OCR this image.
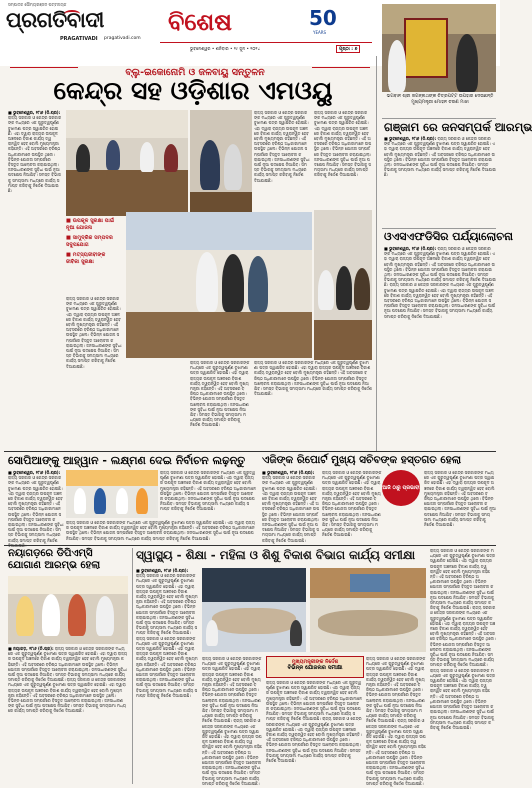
ସମ୍ପାଦକ ସୌମ୍ୟରଞ୍ଜନ ପଟ୍ଟନାୟକ
ପ୍ରଗତିବାଦୀ
PRAGATIVADI pragativadi.com
ବିଶେଷ	50
YEARS
ଭୁବନେଶ୍ୱର • ଶନିବାର • ୨୯ ଜୁନ • ୨୦୨୪	ପୃଷ୍ଠା : ୭
ବ୍ଲୁ-ଇକୋନୋମି ଓ ଜଳବାୟୁ ସନ୍ତୁଳନ
କେନ୍ଦ୍ର ସହ ଓଡ଼ିଶାର ଏମଓୟୁ
■ ଭୁବନେଶ୍ୱର, ୨୮ା୬ (ନି.ପ୍ର):
ରାଜ୍ୟ ସରକାର ଓ କେନ୍ଦ୍ର ସରକାରଙ୍କ ମଧ୍ୟରେ ଏକ ଗୁରୁତ୍ୱପୂର୍ଣ୍ଣ ବୁଝାମଣା ପତ୍ର ସ୍ୱାକ୍ଷରିତ ହୋଇଛି। ଏହା ଦ୍ୱାରା ରାଜ୍ୟର ଉପକୂଳ ଅଞ୍ଚଳରେ ବିକାଶ କାର୍ଯ୍ୟ ତ୍ୱରାନ୍ୱିତ ହେବ ବୋଲି ମୁଖ୍ୟମନ୍ତ୍ରୀ କହିଛନ୍ତି। ଏହି ଅବସରରେ ବରିଷ୍ଠ ଅଧିକାରୀମାନେ ଉପସ୍ଥିତ ଥିଲେ। ବିଭିନ୍ନ ଯୋଜନା ସମ୍ପର୍କରେ ବିସ୍ତୃତ ଆଲୋଚନା କରାଯାଇଥିଲା। ଜନସାଧାରଣଙ୍କ ସୁବିଧା ପାଇଁ ନୂଆ ପଦକ୍ଷେପ ନିଆଯିବ। ସମସ୍ତ ବିଭାଗକୁ ସମୟସୀମା ମଧ୍ୟରେ କାର୍ଯ୍ୟ ସମାପ୍ତ କରିବାକୁ ନିର୍ଦ୍ଦେଶ ଦିଆଯାଇଛି।
■ ଉପକୂଳ ସୁରକ୍ଷା ପାଇଁ ନୂଆ ଯୋଜନା
■ ସାମୁଦ୍ରିକ ସମ୍ପଦର ସଦୁପଯୋଗ
■ ମତ୍ସ୍ୟଜୀବୀଙ୍କ ଜୀବିକା ସୁରକ୍ଷା
ରାଜ୍ୟ ସରକାର ଓ କେନ୍ଦ୍ର ସରକାରଙ୍କ ମଧ୍ୟରେ ଏକ ଗୁରୁତ୍ୱପୂର୍ଣ୍ଣ ବୁଝାମଣା ପତ୍ର ସ୍ୱାକ୍ଷରିତ ହୋଇଛି। ଏହା ଦ୍ୱାରା ରାଜ୍ୟର ଉପକୂଳ ଅଞ୍ଚଳରେ ବିକାଶ କାର୍ଯ୍ୟ ତ୍ୱରାନ୍ୱିତ ହେବ ବୋଲି ମୁଖ୍ୟମନ୍ତ୍ରୀ କହିଛନ୍ତି। ଏହି ଅବସରରେ ବରିଷ୍ଠ ଅଧିକାରୀମାନେ ଉପସ୍ଥିତ ଥିଲେ। ବିଭିନ୍ନ ଯୋଜନା ସମ୍ପର୍କରେ ବିସ୍ତୃତ ଆଲୋଚନା କରାଯାଇଥିଲା। ଜନସାଧାରଣଙ୍କ ସୁବିଧା ପାଇଁ ନୂଆ ପଦକ୍ଷେପ ନିଆଯିବ। ସମସ୍ତ ବିଭାଗକୁ ସମୟସୀମା ମଧ୍ୟରେ କାର୍ଯ୍ୟ ସମାପ୍ତ କରିବାକୁ ନିର୍ଦ୍ଦେଶ ଦିଆଯାଇଛି।
ରାଜ୍ୟ ସରକାର ଓ କେନ୍ଦ୍ର ସରକାରଙ୍କ ମଧ୍ୟରେ ଏକ ଗୁରୁତ୍ୱପୂର୍ଣ୍ଣ ବୁଝାମଣା ପତ୍ର ସ୍ୱାକ୍ଷରିତ ହୋଇଛି। ଏହା ଦ୍ୱାରା ରାଜ୍ୟର ଉପକୂଳ ଅଞ୍ଚଳରେ ବିକାଶ କାର୍ଯ୍ୟ ତ୍ୱରାନ୍ୱିତ ହେବ ବୋଲି ମୁଖ୍ୟମନ୍ତ୍ରୀ କହିଛନ୍ତି। ଏହି ଅବସରରେ ବରିଷ୍ଠ ଅଧିକାରୀମାନେ ଉପସ୍ଥିତ ଥିଲେ। ବିଭିନ୍ନ ଯୋଜନା ସମ୍ପର୍କରେ ବିସ୍ତୃତ ଆଲୋଚନା କରାଯାଇଥିଲା। ଜନସାଧାରଣଙ୍କ ସୁବିଧା ପାଇଁ ନୂଆ ପଦକ୍ଷେପ ନିଆଯିବ। ସମସ୍ତ ବିଭାଗକୁ ସମୟସୀମା ମଧ୍ୟରେ କାର୍ଯ୍ୟ ସମାପ୍ତ କରିବାକୁ ନିର୍ଦ୍ଦେଶ ଦିଆଯାଇଛି।
ରାଜ୍ୟ ସରକାର ଓ କେନ୍ଦ୍ର ସରକାରଙ୍କ ମଧ୍ୟରେ ଏକ ଗୁରୁତ୍ୱପୂର୍ଣ୍ଣ ବୁଝାମଣା ପତ୍ର ସ୍ୱାକ୍ଷରିତ ହୋଇଛି। ଏହା ଦ୍ୱାରା ରାଜ୍ୟର ଉପକୂଳ ଅଞ୍ଚଳରେ ବିକାଶ କାର୍ଯ୍ୟ ତ୍ୱରାନ୍ୱିତ ହେବ ବୋଲି ମୁଖ୍ୟମନ୍ତ୍ରୀ କହିଛନ୍ତି। ଏହି ଅବସରରେ ବରିଷ୍ଠ ଅଧିକାରୀମାନେ ଉପସ୍ଥିତ ଥିଲେ। ବିଭିନ୍ନ ଯୋଜନା ସମ୍ପର୍କରେ ବିସ୍ତୃତ ଆଲୋଚନା କରାଯାଇଥିଲା। ଜନସାଧାରଣଙ୍କ ସୁବିଧା ପାଇଁ ନୂଆ ପଦକ୍ଷେପ ନିଆଯିବ। ସମସ୍ତ ବିଭାଗକୁ ସମୟସୀମା ମଧ୍ୟରେ କାର୍ଯ୍ୟ ସମାପ୍ତ କରିବାକୁ ନିର୍ଦ୍ଦେଶ ଦିଆଯାଇଛି।
ରାଜ୍ୟ ସରକାର ଓ କେନ୍ଦ୍ର ସରକାରଙ୍କ ମଧ୍ୟରେ ଏକ ଗୁରୁତ୍ୱପୂର୍ଣ୍ଣ ବୁଝାମଣା ପତ୍ର ସ୍ୱାକ୍ଷରିତ ହୋଇଛି। ଏହା ଦ୍ୱାରା ରାଜ୍ୟର ଉପକୂଳ ଅଞ୍ଚଳରେ ବିକାଶ କାର୍ଯ୍ୟ ତ୍ୱରାନ୍ୱିତ ହେବ ବୋଲି ମୁଖ୍ୟମନ୍ତ୍ରୀ କହିଛନ୍ତି। ଏହି ଅବସରରେ ବରିଷ୍ଠ ଅଧିକାରୀମାନେ ଉପସ୍ଥିତ ଥିଲେ। ବିଭିନ୍ନ ଯୋଜନା ସମ୍ପର୍କରେ ବିସ୍ତୃତ ଆଲୋଚନା କରାଯାଇଥିଲା। ଜନସାଧାରଣଙ୍କ ସୁବିଧା ପାଇଁ ନୂଆ ପଦକ୍ଷେପ ନିଆଯିବ। ସମସ୍ତ ବିଭାଗକୁ ସମୟସୀମା ମଧ୍ୟରେ କାର୍ଯ୍ୟ ସମାପ୍ତ କରିବାକୁ ନିର୍ଦ୍ଦେଶ ଦିଆଯାଇଛି।
ରାଜ୍ୟ ସରକାର ଓ କେନ୍ଦ୍ର ସରକାରଙ୍କ ମଧ୍ୟରେ ଏକ ଗୁରୁତ୍ୱପୂର୍ଣ୍ଣ ବୁଝାମଣା ପତ୍ର ସ୍ୱାକ୍ଷରିତ ହୋଇଛି। ଏହା ଦ୍ୱାରା ରାଜ୍ୟର ଉପକୂଳ ଅଞ୍ଚଳରେ ବିକାଶ କାର୍ଯ୍ୟ ତ୍ୱରାନ୍ୱିତ ହେବ ବୋଲି ମୁଖ୍ୟମନ୍ତ୍ରୀ କହିଛନ୍ତି। ଏହି ଅବସରରେ ବରିଷ୍ଠ ଅଧିକାରୀମାନେ ଉପସ୍ଥିତ ଥିଲେ। ବିଭିନ୍ନ ଯୋଜନା ସମ୍ପର୍କରେ ବିସ୍ତୃତ ଆଲୋଚନା କରାଯାଇଥିଲା। ଜନସାଧାରଣଙ୍କ ସୁବିଧା ପାଇଁ ନୂଆ ପଦକ୍ଷେପ ନିଆଯିବ। ସମସ୍ତ ବିଭାଗକୁ ସମୟସୀମା ମଧ୍ୟରେ କାର୍ଯ୍ୟ ସମାପ୍ତ କରିବାକୁ ନିର୍ଦ୍ଦେଶ ଦିଆଯାଇଛି।
ଭଗବାନ ଶ୍ରୀ ଜଗନ୍ନାଥଙ୍କ ଚିତ୍ରପଟ୍ଟ ଉପହାର ଦେଉଛନ୍ତି ମୁଖ୍ୟମନ୍ତ୍ରୀ ମୋହନ ଚରଣ ମାଝୀ
ଗଞ୍ଜାମ ରେ ଜନସମ୍ପର୍କ ଆରମ୍ଭ
■ ଭୁବନେଶ୍ୱର, ୨୮ା୬ (ନି.ପ୍ର): ରାଜ୍ୟ ସରକାର ଓ କେନ୍ଦ୍ର ସରକାରଙ୍କ ମଧ୍ୟରେ ଏକ ଗୁରୁତ୍ୱପୂର୍ଣ୍ଣ ବୁଝାମଣା ପତ୍ର ସ୍ୱାକ୍ଷରିତ ହୋଇଛି। ଏହା ଦ୍ୱାରା ରାଜ୍ୟର ଉପକୂଳ ଅଞ୍ଚଳରେ ବିକାଶ କାର୍ଯ୍ୟ ତ୍ୱରାନ୍ୱିତ ହେବ ବୋଲି ମୁଖ୍ୟମନ୍ତ୍ରୀ କହିଛନ୍ତି। ଏହି ଅବସରରେ ବରିଷ୍ଠ ଅଧିକାରୀମାନେ ଉପସ୍ଥିତ ଥିଲେ। ବିଭିନ୍ନ ଯୋଜନା ସମ୍ପର୍କରେ ବିସ୍ତୃତ ଆଲୋଚନା କରାଯାଇଥିଲା। ଜନସାଧାରଣଙ୍କ ସୁବିଧା ପାଇଁ ନୂଆ ପଦକ୍ଷେପ ନିଆଯିବ। ସମସ୍ତ ବିଭାଗକୁ ସମୟସୀମା ମଧ୍ୟରେ କାର୍ଯ୍ୟ ସମାପ୍ତ କରିବାକୁ ନିର୍ଦ୍ଦେଶ ଦିଆଯାଇଛି।
ଓଏସଏଫଡିସିର ପର୍ଯ୍ୟାଲୋଚନା
■ ଭୁବନେଶ୍ୱର, ୨୮ା୬ (ନି.ପ୍ର): ରାଜ୍ୟ ସରକାର ଓ କେନ୍ଦ୍ର ସରକାରଙ୍କ ମଧ୍ୟରେ ଏକ ଗୁରୁତ୍ୱପୂର୍ଣ୍ଣ ବୁଝାମଣା ପତ୍ର ସ୍ୱାକ୍ଷରିତ ହୋଇଛି। ଏହା ଦ୍ୱାରା ରାଜ୍ୟର ଉପକୂଳ ଅଞ୍ଚଳରେ ବିକାଶ କାର୍ଯ୍ୟ ତ୍ୱରାନ୍ୱିତ ହେବ ବୋଲି ମୁଖ୍ୟମନ୍ତ୍ରୀ କହିଛନ୍ତି। ଏହି ଅବସରରେ ବରିଷ୍ଠ ଅଧିକାରୀମାନେ ଉପସ୍ଥିତ ଥିଲେ। ବିଭିନ୍ନ ଯୋଜନା ସମ୍ପର୍କରେ ବିସ୍ତୃତ ଆଲୋଚନା କରାଯାଇଥିଲା। ଜନସାଧାରଣଙ୍କ ସୁବିଧା ପାଇଁ ନୂଆ ପଦକ୍ଷେପ ନିଆଯିବ। ସମସ୍ତ ବିଭାଗକୁ ସମୟସୀମା ମଧ୍ୟରେ କାର୍ଯ୍ୟ ସମାପ୍ତ କରିବାକୁ ନିର୍ଦ୍ଦେଶ ଦିଆଯାଇଛି। ରାଜ୍ୟ ସରକାର ଓ କେନ୍ଦ୍ର ସରକାରଙ୍କ ମଧ୍ୟରେ ଏକ ଗୁରୁତ୍ୱପୂର୍ଣ୍ଣ ବୁଝାମଣା ପତ୍ର ସ୍ୱାକ୍ଷରିତ ହୋଇଛି। ଏହା ଦ୍ୱାରା ରାଜ୍ୟର ଉପକୂଳ ଅଞ୍ଚଳରେ ବିକାଶ କାର୍ଯ୍ୟ ତ୍ୱରାନ୍ୱିତ ହେବ ବୋଲି ମୁଖ୍ୟମନ୍ତ୍ରୀ କହିଛନ୍ତି। ଏହି ଅବସରରେ ବରିଷ୍ଠ ଅଧିକାରୀମାନେ ଉପସ୍ଥିତ ଥିଲେ। ବିଭିନ୍ନ ଯୋଜନା ସମ୍ପର୍କରେ ବିସ୍ତୃତ ଆଲୋଚନା କରାଯାଇଥିଲା। ଜନସାଧାରଣଙ୍କ ସୁବିଧା ପାଇଁ ନୂଆ ପଦକ୍ଷେପ ନିଆଯିବ। ସମସ୍ତ ବିଭାଗକୁ ସମୟସୀମା ମଧ୍ୟରେ କାର୍ଯ୍ୟ ସମାପ୍ତ କରିବାକୁ ନିର୍ଦ୍ଦେଶ ଦିଆଯାଇଛି।
ସୋପିଆଙ୍କୁ ଆହ୍ୱାନ - ଲକ୍ଷ୍ମଣ ଦେଇ ନିର୍ବାଚନ ଲଢ଼ନ୍ତୁ
■ ଭୁବନେଶ୍ୱର, ୨୮ା୬ (ନି.ପ୍ର): ରାଜ୍ୟ ସରକାର ଓ କେନ୍ଦ୍ର ସରକାରଙ୍କ ମଧ୍ୟରେ ଏକ ଗୁରୁତ୍ୱପୂର୍ଣ୍ଣ ବୁଝାମଣା ପତ୍ର ସ୍ୱାକ୍ଷରିତ ହୋଇଛି। ଏହା ଦ୍ୱାରା ରାଜ୍ୟର ଉପକୂଳ ଅଞ୍ଚଳରେ ବିକାଶ କାର୍ଯ୍ୟ ତ୍ୱରାନ୍ୱିତ ହେବ ବୋଲି ମୁଖ୍ୟମନ୍ତ୍ରୀ କହିଛନ୍ତି। ଏହି ଅବସରରେ ବରିଷ୍ଠ ଅଧିକାରୀମାନେ ଉପସ୍ଥିତ ଥିଲେ। ବିଭିନ୍ନ ଯୋଜନା ସମ୍ପର୍କରେ ବିସ୍ତୃତ ଆଲୋଚନା କରାଯାଇଥିଲା। ଜନସାଧାରଣଙ୍କ ସୁବିଧା ପାଇଁ ନୂଆ ପଦକ୍ଷେପ ନିଆଯିବ। ସମସ୍ତ ବିଭାଗକୁ ସମୟସୀମା ମଧ୍ୟରେ କାର୍ଯ୍ୟ ସମାପ୍ତ କରିବାକୁ ନିର୍ଦ୍ଦେଶ
ରାଜ୍ୟ ସରକାର ଓ କେନ୍ଦ୍ର ସରକାରଙ୍କ ମଧ୍ୟରେ ଏକ ଗୁରୁତ୍ୱପୂର୍ଣ୍ଣ ବୁଝାମଣା ପତ୍ର ସ୍ୱାକ୍ଷରିତ ହୋଇଛି। ଏହା ଦ୍ୱାରା ରାଜ୍ୟର ଉପକୂଳ ଅଞ୍ଚଳରେ ବିକାଶ କାର୍ଯ୍ୟ ତ୍ୱରାନ୍ୱିତ ହେବ ବୋଲି ମୁଖ୍ୟମନ୍ତ୍ରୀ କହିଛନ୍ତି। ଏହି ଅବସରରେ ବରିଷ୍ଠ ଅଧିକାରୀମାନେ ଉପସ୍ଥିତ ଥିଲେ। ବିଭିନ୍ନ ଯୋଜନା ସମ୍ପର୍କରେ ବିସ୍ତୃତ ଆଲୋଚନା କରାଯାଇଥିଲା। ଜନସାଧାରଣଙ୍କ ସୁବିଧା ପାଇଁ ନୂଆ ପଦକ୍ଷେପ ନିଆଯିବ। ସମସ୍ତ ବିଭାଗକୁ ସମୟସୀମା ମଧ୍ୟରେ କାର୍ଯ୍ୟ ସମାପ୍ତ କରିବାକୁ ନିର୍ଦ୍ଦେଶ ଦିଆଯାଇଛି।
ରାଜ୍ୟ ସରକାର ଓ କେନ୍ଦ୍ର ସରକାରଙ୍କ ମଧ୍ୟରେ ଏକ ଗୁରୁତ୍ୱପୂର୍ଣ୍ଣ ବୁଝାମଣା ପତ୍ର ସ୍ୱାକ୍ଷରିତ ହୋଇଛି। ଏହା ଦ୍ୱାରା ରାଜ୍ୟର ଉପକୂଳ ଅଞ୍ଚଳରେ ବିକାଶ କାର୍ଯ୍ୟ ତ୍ୱରାନ୍ୱିତ ହେବ ବୋଲି ମୁଖ୍ୟମନ୍ତ୍ରୀ କହିଛନ୍ତି। ଏହି ଅବସରରେ ବରିଷ୍ଠ ଅଧିକାରୀମାନେ ଉପସ୍ଥିତ ଥିଲେ। ବିଭିନ୍ନ ଯୋଜନା ସମ୍ପର୍କରେ ବିସ୍ତୃତ ଆଲୋଚନା କରାଯାଇଥିଲା। ଜନସାଧାରଣଙ୍କ ସୁବିଧା ପାଇଁ ନୂଆ ପଦକ୍ଷେପ ନିଆଯିବ। ସମସ୍ତ ବିଭାଗକୁ ସମୟସୀମା ମଧ୍ୟରେ କାର୍ଯ୍ୟ ସମାପ୍ତ କରିବାକୁ ନିର୍ଦ୍ଦେଶ ଦିଆଯାଇଛି।
ଏଜିଙ୍କ ରିପୋର୍ଟ ମୁଖ୍ୟ ସଚିବଙ୍କ ହସ୍ତଗତ ହେଲା
■ ଭୁବନେଶ୍ୱର, ୨୮ା୬ (ନି.ପ୍ର): ରାଜ୍ୟ ସରକାର ଓ କେନ୍ଦ୍ର ସରକାରଙ୍କ ମଧ୍ୟରେ ଏକ ଗୁରୁତ୍ୱପୂର୍ଣ୍ଣ ବୁଝାମଣା ପତ୍ର ସ୍ୱାକ୍ଷରିତ ହୋଇଛି। ଏହା ଦ୍ୱାରା ରାଜ୍ୟର ଉପକୂଳ ଅଞ୍ଚଳରେ ବିକାଶ କାର୍ଯ୍ୟ ତ୍ୱରାନ୍ୱିତ ହେବ ବୋଲି ମୁଖ୍ୟମନ୍ତ୍ରୀ କହିଛନ୍ତି। ଏହି ଅବସରରେ ବରିଷ୍ଠ ଅଧିକାରୀମାନେ ଉପସ୍ଥିତ ଥିଲେ। ବିଭିନ୍ନ ଯୋଜନା ସମ୍ପର୍କରେ ବିସ୍ତୃତ ଆଲୋଚନା କରାଯାଇଥିଲା। ଜନସାଧାରଣଙ୍କ ସୁବିଧା ପାଇଁ ନୂଆ ପଦକ୍ଷେପ ନିଆଯିବ। ସମସ୍ତ ବିଭାଗକୁ ସମୟସୀମା ମଧ୍ୟରେ କାର୍ଯ୍ୟ ସମାପ୍ତ କରିବାକୁ ନିର୍ଦ୍ଦେଶ ଦିଆଯାଇଛି।
ରାଜ୍ୟ ସରକାର ଓ କେନ୍ଦ୍ର ସରକାରଙ୍କ ମଧ୍ୟରେ ଏକ ଗୁରୁତ୍ୱପୂର୍ଣ୍ଣ ବୁଝାମଣା ପତ୍ର ସ୍ୱାକ୍ଷରିତ ହୋଇଛି। ଏହା ଦ୍ୱାରା ରାଜ୍ୟର ଉପକୂଳ ଅଞ୍ଚଳରେ ବିକାଶ କାର୍ଯ୍ୟ ତ୍ୱରାନ୍ୱିତ ହେବ ବୋଲି ମୁଖ୍ୟମନ୍ତ୍ରୀ କହିଛନ୍ତି। ଏହି ଅବସରରେ ବରିଷ୍ଠ ଅଧିକାରୀମାନେ ଉପସ୍ଥିତ ଥିଲେ। ବିଭିନ୍ନ ଯୋଜନା ସମ୍ପର୍କରେ ବିସ୍ତୃତ ଆଲୋଚନା କରାଯାଇଥିଲା। ଜନସାଧାରଣଙ୍କ ସୁବିଧା ପାଇଁ ନୂଆ ପଦକ୍ଷେପ ନିଆଯିବ। ସମସ୍ତ ବିଭାଗକୁ ସମୟସୀମା ମଧ୍ୟରେ କାର୍ଯ୍ୟ ସମାପ୍ତ କରିବାକୁ ନିର୍ଦ୍ଦେଶ ଦିଆଯାଇଛି।
ଆଜି ଠାରୁ ପ୍ରଭାବୀ
ରାଜ୍ୟ ସରକାର ଓ କେନ୍ଦ୍ର ସରକାରଙ୍କ ମଧ୍ୟରେ ଏକ ଗୁରୁତ୍ୱପୂର୍ଣ୍ଣ ବୁଝାମଣା ପତ୍ର ସ୍ୱାକ୍ଷରିତ ହୋଇଛି। ଏହା ଦ୍ୱାରା ରାଜ୍ୟର ଉପକୂଳ ଅଞ୍ଚଳରେ ବିକାଶ କାର୍ଯ୍ୟ ତ୍ୱରାନ୍ୱିତ ହେବ ବୋଲି ମୁଖ୍ୟମନ୍ତ୍ରୀ କହିଛନ୍ତି। ଏହି ଅବସରରେ ବରିଷ୍ଠ ଅଧିକାରୀମାନେ ଉପସ୍ଥିତ ଥିଲେ। ବିଭିନ୍ନ ଯୋଜନା ସମ୍ପର୍କରେ ବିସ୍ତୃତ ଆଲୋଚନା କରାଯାଇଥିଲା। ଜନସାଧାରଣଙ୍କ ସୁବିଧା ପାଇଁ ନୂଆ ପଦକ୍ଷେପ ନିଆଯିବ। ସମସ୍ତ ବିଭାଗକୁ ସମୟସୀମା ମଧ୍ୟରେ କାର୍ଯ୍ୟ ସମାପ୍ତ କରିବାକୁ ନିର୍ଦ୍ଦେଶ ଦିଆଯାଇଛି।
ନୟାଗଡ଼ରେ ଡିପିଏମ୍ସି ଯୋଗାଣ ଆରମ୍ଭ ହେଲା
■ ନୟାଗଡ଼, ୨୮ା୬ (ନି.ପ୍ର): ରାଜ୍ୟ ସରକାର ଓ କେନ୍ଦ୍ର ସରକାରଙ୍କ ମଧ୍ୟରେ ଏକ ଗୁରୁତ୍ୱପୂର୍ଣ୍ଣ ବୁଝାମଣା ପତ୍ର ସ୍ୱାକ୍ଷରିତ ହୋଇଛି। ଏହା ଦ୍ୱାରା ରାଜ୍ୟର ଉପକୂଳ ଅଞ୍ଚଳରେ ବିକାଶ କାର୍ଯ୍ୟ ତ୍ୱରାନ୍ୱିତ ହେବ ବୋଲି ମୁଖ୍ୟମନ୍ତ୍ରୀ କହିଛନ୍ତି। ଏହି ଅବସରରେ ବରିଷ୍ଠ ଅଧିକାରୀମାନେ ଉପସ୍ଥିତ ଥିଲେ। ବିଭିନ୍ନ ଯୋଜନା ସମ୍ପର୍କରେ ବିସ୍ତୃତ ଆଲୋଚନା କରାଯାଇଥିଲା। ଜନସାଧାରଣଙ୍କ ସୁବିଧା ପାଇଁ ନୂଆ ପଦକ୍ଷେପ ନିଆଯିବ। ସମସ୍ତ ବିଭାଗକୁ ସମୟସୀମା ମଧ୍ୟରେ କାର୍ଯ୍ୟ ସମାପ୍ତ କରିବାକୁ ନିର୍ଦ୍ଦେଶ ଦିଆଯାଇଛି। ରାଜ୍ୟ ସରକାର ଓ କେନ୍ଦ୍ର ସରକାରଙ୍କ ମଧ୍ୟରେ ଏକ ଗୁରୁତ୍ୱପୂର୍ଣ୍ଣ ବୁଝାମଣା ପତ୍ର ସ୍ୱାକ୍ଷରିତ ହୋଇଛି। ଏହା ଦ୍ୱାରା ରାଜ୍ୟର ଉପକୂଳ ଅଞ୍ଚଳରେ ବିକାଶ କାର୍ଯ୍ୟ ତ୍ୱରାନ୍ୱିତ ହେବ ବୋଲି ମୁଖ୍ୟମନ୍ତ୍ରୀ କହିଛନ୍ତି। ଏହି ଅବସରରେ ବରିଷ୍ଠ ଅଧିକାରୀମାନେ ଉପସ୍ଥିତ ଥିଲେ। ବିଭିନ୍ନ ଯୋଜନା ସମ୍ପର୍କରେ ବିସ୍ତୃତ ଆଲୋଚନା କରାଯାଇଥିଲା। ଜନସାଧାରଣଙ୍କ ସୁବିଧା ପାଇଁ ନୂଆ ପଦକ୍ଷେପ ନିଆଯିବ। ସମସ୍ତ ବିଭାଗକୁ ସମୟସୀମା ମଧ୍ୟରେ କାର୍ଯ୍ୟ ସମାପ୍ତ କରିବାକୁ ନିର୍ଦ୍ଦେଶ ଦିଆଯାଇଛି।
ସ୍ୱାସ୍ଥ୍ୟ - ଶିକ୍ଷା - ମହିଳା ଓ ଶିଶୁ ବିକାଶ ବିଭାଗ କାର୍ଯ୍ୟ ସମୀକ୍ଷା
■ ଭୁବନେଶ୍ୱର, ୨୮ା୬ (ନି.ପ୍ର): ରାଜ୍ୟ ସରକାର ଓ କେନ୍ଦ୍ର ସରକାରଙ୍କ ମଧ୍ୟରେ ଏକ ଗୁରୁତ୍ୱପୂର୍ଣ୍ଣ ବୁଝାମଣା ପତ୍ର ସ୍ୱାକ୍ଷରିତ ହୋଇଛି। ଏହା ଦ୍ୱାରା ରାଜ୍ୟର ଉପକୂଳ ଅଞ୍ଚଳରେ ବିକାଶ କାର୍ଯ୍ୟ ତ୍ୱରାନ୍ୱିତ ହେବ ବୋଲି ମୁଖ୍ୟମନ୍ତ୍ରୀ କହିଛନ୍ତି। ଏହି ଅବସରରେ ବରିଷ୍ଠ ଅଧିକାରୀମାନେ ଉପସ୍ଥିତ ଥିଲେ। ବିଭିନ୍ନ ଯୋଜନା ସମ୍ପର୍କରେ ବିସ୍ତୃତ ଆଲୋଚନା କରାଯାଇଥିଲା। ଜନସାଧାରଣଙ୍କ ସୁବିଧା ପାଇଁ ନୂଆ ପଦକ୍ଷେପ ନିଆଯିବ। ସମସ୍ତ ବିଭାଗକୁ ସମୟସୀମା ମଧ୍ୟରେ କାର୍ଯ୍ୟ ସମାପ୍ତ କରିବାକୁ ନିର୍ଦ୍ଦେଶ ଦିଆଯାଇଛି। ରାଜ୍ୟ ସରକାର ଓ କେନ୍ଦ୍ର ସରକାରଙ୍କ ମଧ୍ୟରେ ଏକ ଗୁରୁତ୍ୱପୂର୍ଣ୍ଣ ବୁଝାମଣା ପତ୍ର ସ୍ୱାକ୍ଷରିତ ହୋଇଛି। ଏହା ଦ୍ୱାରା ରାଜ୍ୟର ଉପକୂଳ ଅଞ୍ଚଳରେ ବିକାଶ କାର୍ଯ୍ୟ ତ୍ୱରାନ୍ୱିତ ହେବ ବୋଲି ମୁଖ୍ୟମନ୍ତ୍ରୀ କହିଛନ୍ତି। ଏହି ଅବସରରେ ବରିଷ୍ଠ ଅଧିକାରୀମାନେ ଉପସ୍ଥିତ ଥିଲେ। ବିଭିନ୍ନ ଯୋଜନା ସମ୍ପର୍କରେ ବିସ୍ତୃତ ଆଲୋଚନା କରାଯାଇଥିଲା। ଜନସାଧାରଣଙ୍କ ସୁବିଧା ପାଇଁ ନୂଆ ପଦକ୍ଷେପ ନିଆଯିବ। ସମସ୍ତ ବିଭାଗକୁ ସମୟସୀମା ମଧ୍ୟରେ କାର୍ଯ୍ୟ ସମାପ୍ତ କରିବାକୁ ନିର୍ଦ୍ଦେଶ ଦିଆଯାଇଛି।
ରାଜ୍ୟ ସରକାର ଓ କେନ୍ଦ୍ର ସରକାରଙ୍କ ମଧ୍ୟରେ ଏକ ଗୁରୁତ୍ୱପୂର୍ଣ୍ଣ ବୁଝାମଣା ପତ୍ର ସ୍ୱାକ୍ଷରିତ ହୋଇଛି। ଏହା ଦ୍ୱାରା ରାଜ୍ୟର ଉପକୂଳ ଅଞ୍ଚଳରେ ବିକାଶ କାର୍ଯ୍ୟ ତ୍ୱରାନ୍ୱିତ ହେବ ବୋଲି ମୁଖ୍ୟମନ୍ତ୍ରୀ କହିଛନ୍ତି। ଏହି ଅବସରରେ ବରିଷ୍ଠ ଅଧିକାରୀମାନେ ଉପସ୍ଥିତ ଥିଲେ। ବିଭିନ୍ନ ଯୋଜନା ସମ୍ପର୍କରେ ବିସ୍ତୃତ ଆଲୋଚନା କରାଯାଇଥିଲା। ଜନସାଧାରଣଙ୍କ ସୁବିଧା ପାଇଁ ନୂଆ ପଦକ୍ଷେପ ନିଆଯିବ। ସମସ୍ତ ବିଭାଗକୁ ସମୟସୀମା ମଧ୍ୟରେ କାର୍ଯ୍ୟ ସମାପ୍ତ କରିବାକୁ ନିର୍ଦ୍ଦେଶ ଦିଆଯାଇଛି। ରାଜ୍ୟ ସରକାର ଓ କେନ୍ଦ୍ର ସରକାରଙ୍କ ମଧ୍ୟରେ ଏକ ଗୁରୁତ୍ୱପୂର୍ଣ୍ଣ ବୁଝାମଣା ପତ୍ର ସ୍ୱାକ୍ଷରିତ ହୋଇଛି। ଏହା ଦ୍ୱାରା ରାଜ୍ୟର ଉପକୂଳ ଅଞ୍ଚଳରେ ବିକାଶ କାର୍ଯ୍ୟ ତ୍ୱରାନ୍ୱିତ ହେବ ବୋଲି ମୁଖ୍ୟମନ୍ତ୍ରୀ କହିଛନ୍ତି। ଏହି ଅବସରରେ ବରିଷ୍ଠ ଅଧିକାରୀମାନେ ଉପସ୍ଥିତ ଥିଲେ। ବିଭିନ୍ନ ଯୋଜନା ସମ୍ପର୍କରେ ବିସ୍ତୃତ ଆଲୋଚନା କରାଯାଇଥିଲା। ଜନସାଧାରଣଙ୍କ ସୁବିଧା ପାଇଁ ନୂଆ ପଦକ୍ଷେପ ନିଆଯିବ। ସମସ୍ତ ବିଭାଗକୁ ସମୟସୀମା ମଧ୍ୟରେ କାର୍ଯ୍ୟ ସମାପ୍ତ କରିବାକୁ ନିର୍ଦ୍ଦେଶ ଦିଆଯାଇଛି।
ମୁଖ୍ୟମନ୍ତ୍ରୀଙ୍କ ନିର୍ଦ୍ଦେଶ
ବିଭିନ୍ନ ଯୋଜନାର ସମୀକ୍ଷା
ରାଜ୍ୟ ସରକାର ଓ କେନ୍ଦ୍ର ସରକାରଙ୍କ ମଧ୍ୟରେ ଏକ ଗୁରୁତ୍ୱପୂର୍ଣ୍ଣ ବୁଝାମଣା ପତ୍ର ସ୍ୱାକ୍ଷରିତ ହୋଇଛି। ଏହା ଦ୍ୱାରା ରାଜ୍ୟର ଉପକୂଳ ଅଞ୍ଚଳରେ ବିକାଶ କାର୍ଯ୍ୟ ତ୍ୱରାନ୍ୱିତ ହେବ ବୋଲି ମୁଖ୍ୟମନ୍ତ୍ରୀ କହିଛନ୍ତି। ଏହି ଅବସରରେ ବରିଷ୍ଠ ଅଧିକାରୀମାନେ ଉପସ୍ଥିତ ଥିଲେ। ବିଭିନ୍ନ ଯୋଜନା ସମ୍ପର୍କରେ ବିସ୍ତୃତ ଆଲୋଚନା କରାଯାଇଥିଲା। ଜନସାଧାରଣଙ୍କ ସୁବିଧା ପାଇଁ ନୂଆ ପଦକ୍ଷେପ ନିଆଯିବ। ସମସ୍ତ ବିଭାଗକୁ ସମୟସୀମା ମଧ୍ୟରେ କାର୍ଯ୍ୟ ସମାପ୍ତ କରିବାକୁ ନିର୍ଦ୍ଦେଶ ଦିଆଯାଇଛି। ରାଜ୍ୟ ସରକାର ଓ କେନ୍ଦ୍ର ସରକାରଙ୍କ ମଧ୍ୟରେ ଏକ ଗୁରୁତ୍ୱପୂର୍ଣ୍ଣ ବୁଝାମଣା ପତ୍ର ସ୍ୱାକ୍ଷରିତ ହୋଇଛି। ଏହା ଦ୍ୱାରା ରାଜ୍ୟର ଉପକୂଳ ଅଞ୍ଚଳରେ ବିକାଶ କାର୍ଯ୍ୟ ତ୍ୱରାନ୍ୱିତ ହେବ ବୋଲି ମୁଖ୍ୟମନ୍ତ୍ରୀ କହିଛନ୍ତି। ଏହି ଅବସରରେ ବରିଷ୍ଠ ଅଧିକାରୀମାନେ ଉପସ୍ଥିତ ଥିଲେ। ବିଭିନ୍ନ ଯୋଜନା ସମ୍ପର୍କରେ ବିସ୍ତୃତ ଆଲୋଚନା କରାଯାଇଥିଲା। ଜନସାଧାରଣଙ୍କ ସୁବିଧା ପାଇଁ ନୂଆ ପଦକ୍ଷେପ ନିଆଯିବ। ସମସ୍ତ ବିଭାଗକୁ ସମୟସୀମା ମଧ୍ୟରେ କାର୍ଯ୍ୟ ସମାପ୍ତ କରିବାକୁ ନିର୍ଦ୍ଦେଶ ଦିଆଯାଇଛି।
ରାଜ୍ୟ ସରକାର ଓ କେନ୍ଦ୍ର ସରକାରଙ୍କ ମଧ୍ୟରେ ଏକ ଗୁରୁତ୍ୱପୂର୍ଣ୍ଣ ବୁଝାମଣା ପତ୍ର ସ୍ୱାକ୍ଷରିତ ହୋଇଛି। ଏହା ଦ୍ୱାରା ରାଜ୍ୟର ଉପକୂଳ ଅଞ୍ଚଳରେ ବିକାଶ କାର୍ଯ୍ୟ ତ୍ୱରାନ୍ୱିତ ହେବ ବୋଲି ମୁଖ୍ୟମନ୍ତ୍ରୀ କହିଛନ୍ତି। ଏହି ଅବସରରେ ବରିଷ୍ଠ ଅଧିକାରୀମାନେ ଉପସ୍ଥିତ ଥିଲେ। ବିଭିନ୍ନ ଯୋଜନା ସମ୍ପର୍କରେ ବିସ୍ତୃତ ଆଲୋଚନା କରାଯାଇଥିଲା। ଜନସାଧାରଣଙ୍କ ସୁବିଧା ପାଇଁ ନୂଆ ପଦକ୍ଷେପ ନିଆଯିବ। ସମସ୍ତ ବିଭାଗକୁ ସମୟସୀମା ମଧ୍ୟରେ କାର୍ଯ୍ୟ ସମାପ୍ତ କରିବାକୁ ନିର୍ଦ୍ଦେଶ ଦିଆଯାଇଛି। ରାଜ୍ୟ ସରକାର ଓ କେନ୍ଦ୍ର ସରକାରଙ୍କ ମଧ୍ୟରେ ଏକ ଗୁରୁତ୍ୱପୂର୍ଣ୍ଣ ବୁଝାମଣା ପତ୍ର ସ୍ୱାକ୍ଷରିତ ହୋଇଛି। ଏହା ଦ୍ୱାରା ରାଜ୍ୟର ଉପକୂଳ ଅଞ୍ଚଳରେ ବିକାଶ କାର୍ଯ୍ୟ ତ୍ୱରାନ୍ୱିତ ହେବ ବୋଲି ମୁଖ୍ୟମନ୍ତ୍ରୀ କହିଛନ୍ତି। ଏହି ଅବସରରେ ବରିଷ୍ଠ ଅଧିକାରୀମାନେ ଉପସ୍ଥିତ ଥିଲେ। ବିଭିନ୍ନ ଯୋଜନା ସମ୍ପର୍କରେ ବିସ୍ତୃତ ଆଲୋଚନା କରାଯାଇଥିଲା। ଜନସାଧାରଣଙ୍କ ସୁବିଧା ପାଇଁ ନୂଆ ପଦକ୍ଷେପ ନିଆଯିବ। ସମସ୍ତ ବିଭାଗକୁ ସମୟସୀମା ମଧ୍ୟରେ କାର୍ଯ୍ୟ ସମାପ୍ତ କରିବାକୁ ନିର୍ଦ୍ଦେଶ ଦିଆଯାଇଛି।
ରାଜ୍ୟ ସରକାର ଓ କେନ୍ଦ୍ର ସରକାରଙ୍କ ମଧ୍ୟରେ ଏକ ଗୁରୁତ୍ୱପୂର୍ଣ୍ଣ ବୁଝାମଣା ପତ୍ର ସ୍ୱାକ୍ଷରିତ ହୋଇଛି। ଏହା ଦ୍ୱାରା ରାଜ୍ୟର ଉପକୂଳ ଅଞ୍ଚଳରେ ବିକାଶ କାର୍ଯ୍ୟ ତ୍ୱରାନ୍ୱିତ ହେବ ବୋଲି ମୁଖ୍ୟମନ୍ତ୍ରୀ କହିଛନ୍ତି। ଏହି ଅବସରରେ ବରିଷ୍ଠ ଅଧିକାରୀମାନେ ଉପସ୍ଥିତ ଥିଲେ। ବିଭିନ୍ନ ଯୋଜନା ସମ୍ପର୍କରେ ବିସ୍ତୃତ ଆଲୋଚନା କରାଯାଇଥିଲା। ଜନସାଧାରଣଙ୍କ ସୁବିଧା ପାଇଁ ନୂଆ ପଦକ୍ଷେପ ନିଆଯିବ। ସମସ୍ତ ବିଭାଗକୁ ସମୟସୀମା ମଧ୍ୟରେ କାର୍ଯ୍ୟ ସମାପ୍ତ କରିବାକୁ ନିର୍ଦ୍ଦେଶ ଦିଆଯାଇଛି। ରାଜ୍ୟ ସରକାର ଓ କେନ୍ଦ୍ର ସରକାରଙ୍କ ମଧ୍ୟରେ ଏକ ଗୁରୁତ୍ୱପୂର୍ଣ୍ଣ ବୁଝାମଣା ପତ୍ର ସ୍ୱାକ୍ଷରିତ ହୋଇଛି। ଏହା ଦ୍ୱାରା ରାଜ୍ୟର ଉପକୂଳ ଅଞ୍ଚଳରେ ବିକାଶ କାର୍ଯ୍ୟ ତ୍ୱରାନ୍ୱିତ ହେବ ବୋଲି ମୁଖ୍ୟମନ୍ତ୍ରୀ କହିଛନ୍ତି। ଏହି ଅବସରରେ ବରିଷ୍ଠ ଅଧିକାରୀମାନେ ଉପସ୍ଥିତ ଥିଲେ। ବିଭିନ୍ନ ଯୋଜନା ସମ୍ପର୍କରେ ବିସ୍ତୃତ ଆଲୋଚନା କରାଯାଇଥିଲା। ଜନସାଧାରଣଙ୍କ ସୁବିଧା ପାଇଁ ନୂଆ ପଦକ୍ଷେପ ନିଆଯିବ। ସମସ୍ତ ବିଭାଗକୁ ସମୟସୀମା ମଧ୍ୟରେ କାର୍ଯ୍ୟ ସମାପ୍ତ କରିବାକୁ ନିର୍ଦ୍ଦେଶ ଦିଆଯାଇଛି। ରାଜ୍ୟ ସରକାର ଓ କେନ୍ଦ୍ର ସରକାରଙ୍କ ମଧ୍ୟରେ ଏକ ଗୁରୁତ୍ୱପୂର୍ଣ୍ଣ ବୁଝାମଣା ପତ୍ର ସ୍ୱାକ୍ଷରିତ ହୋଇଛି। ଏହା ଦ୍ୱାରା ରାଜ୍ୟର ଉପକୂଳ ଅଞ୍ଚଳରେ ବିକାଶ କାର୍ଯ୍ୟ ତ୍ୱରାନ୍ୱିତ ହେବ ବୋଲି ମୁଖ୍ୟମନ୍ତ୍ରୀ କହିଛନ୍ତି। ଏହି ଅବସରରେ ବରିଷ୍ଠ ଅଧିକାରୀମାନେ ଉପସ୍ଥିତ ଥିଲେ। ବିଭିନ୍ନ ଯୋଜନା ସମ୍ପର୍କରେ ବିସ୍ତୃତ ଆଲୋଚନା କରାଯାଇଥିଲା। ଜନସାଧାରଣଙ୍କ ସୁବିଧା ପାଇଁ ନୂଆ ପଦକ୍ଷେପ ନିଆଯିବ। ସମସ୍ତ ବିଭାଗକୁ ସମୟସୀମା ମଧ୍ୟରେ କାର୍ଯ୍ୟ ସମାପ୍ତ କରିବାକୁ ନିର୍ଦ୍ଦେଶ ଦିଆଯାଇଛି।
